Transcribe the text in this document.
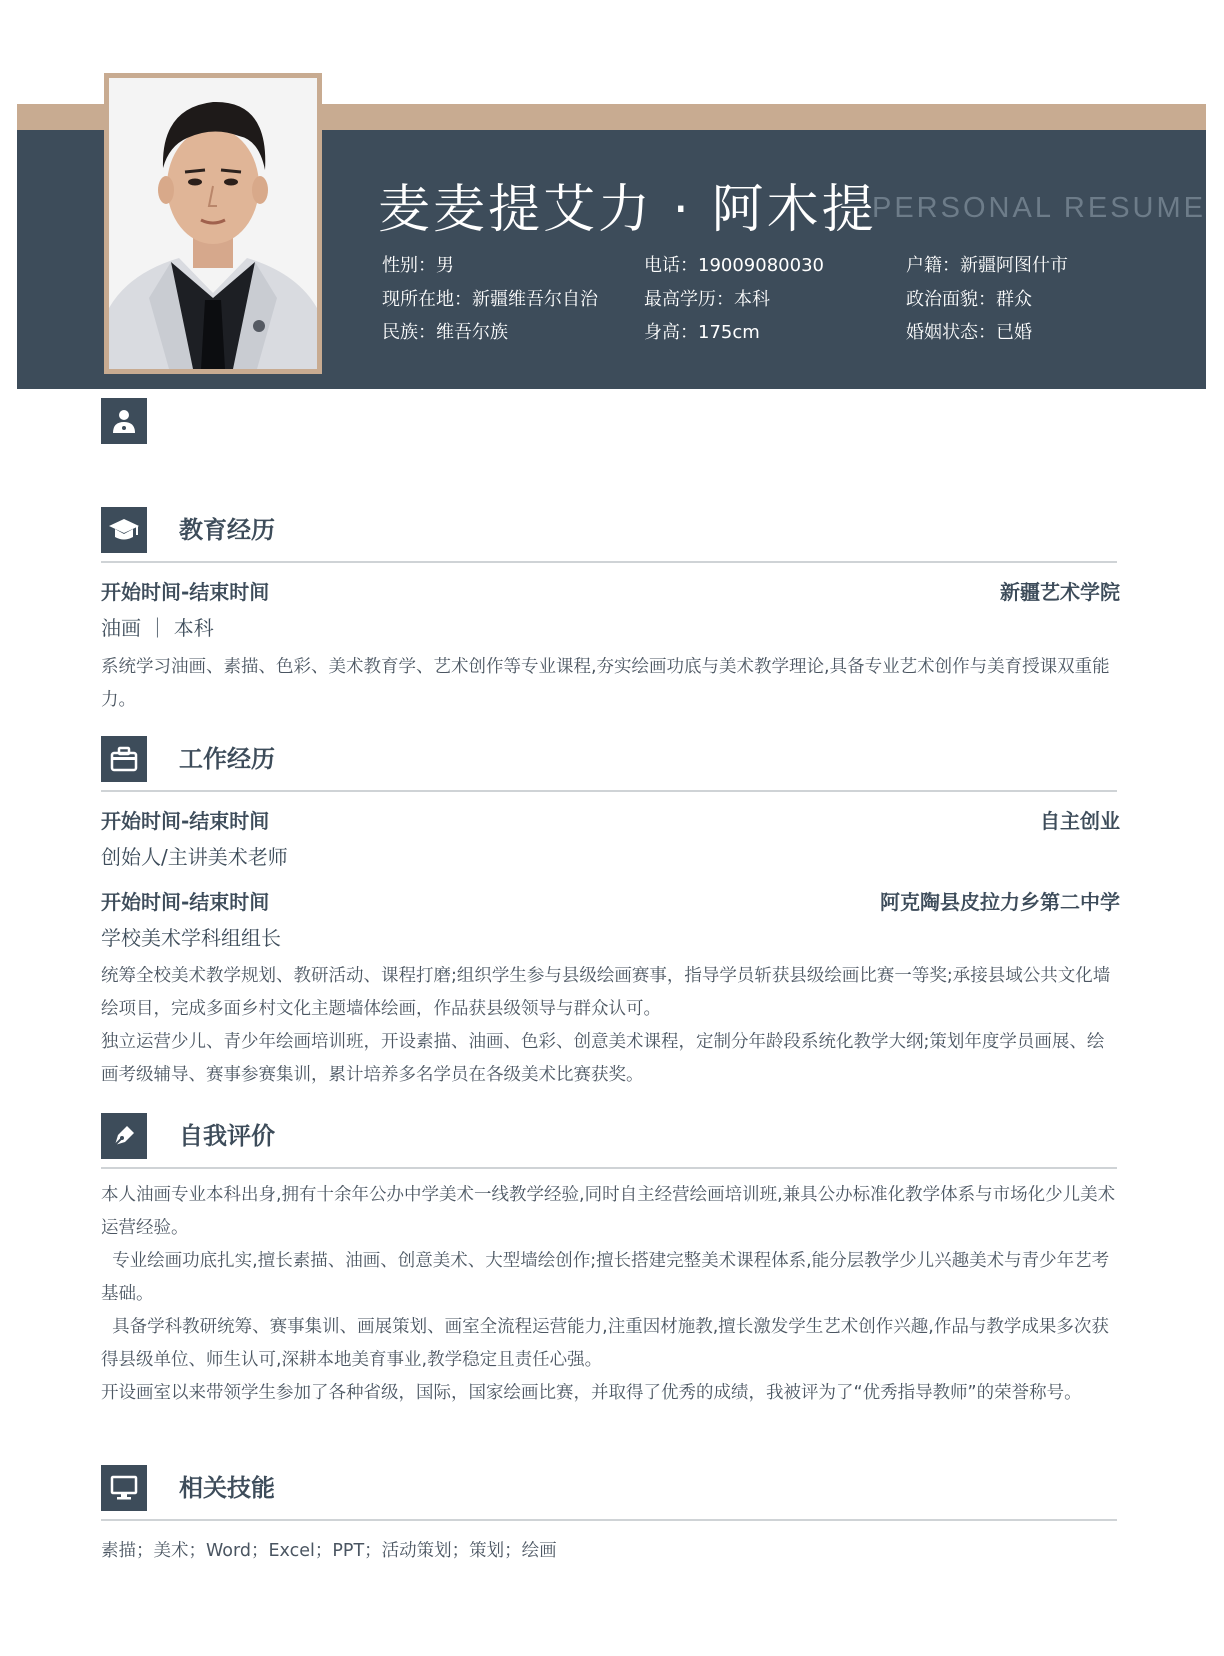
麦麦提艾力 · 阿木提
PERSONAL RESUME
性别：男	电话：19009080030	户籍：新疆阿图什市
现所在地：新疆维吾尔自治	最高学历：本科	政治面貌：群众
民族：维吾尔族	身高：175cm	婚姻状态：已婚
教育经历
开始时间-结束时间	新疆艺术学院
油画 ｜ 本科

系统学习油画、素描、色彩、美术教育学、艺术创作等专业课程,夯实绘画功底与美术教学理论,具备专业艺术创作与美育授课双重能力。

工作经历
开始时间-结束时间	自主创业
创始人/主讲美术老师
开始时间-结束时间	阿克陶县皮拉力乡第二中学
学校美术学科组组长

统筹全校美术教学规划、教研活动、课程打磨;组织学生参与县级绘画赛事，指导学员斩获县级绘画比赛一等奖;承接县域公共文化墙绘项目，完成多面乡村文化主题墙体绘画，作品获县级领导与群众认可。

独立运营少儿、青少年绘画培训班，开设素描、油画、色彩、创意美术课程，定制分年龄段系统化教学大纲;策划年度学员画展、绘画考级辅导、赛事参赛集训，累计培养多名学员在各级美术比赛获奖。

自我评价

本人油画专业本科出身,拥有十余年公办中学美术一线教学经验,同时自主经营绘画培训班,兼具公办标准化教学体系与市场化少儿美术运营经验。

专业绘画功底扎实,擅长素描、油画、创意美术、大型墙绘创作;擅长搭建完整美术课程体系,能分层教学少儿兴趣美术与青少年艺考基础。

具备学科教研统筹、赛事集训、画展策划、画室全流程运营能力,注重因材施教,擅长激发学生艺术创作兴趣,作品与教学成果多次获得县级单位、师生认可,深耕本地美育事业,教学稳定且责任心强。

开设画室以来带领学生参加了各种省级，国际，国家绘画比赛，并取得了优秀的成绩，我被评为了“优秀指导教师”的荣誉称号。

相关技能

素描；美术；Word；Excel；PPT；活动策划；策划；绘画
